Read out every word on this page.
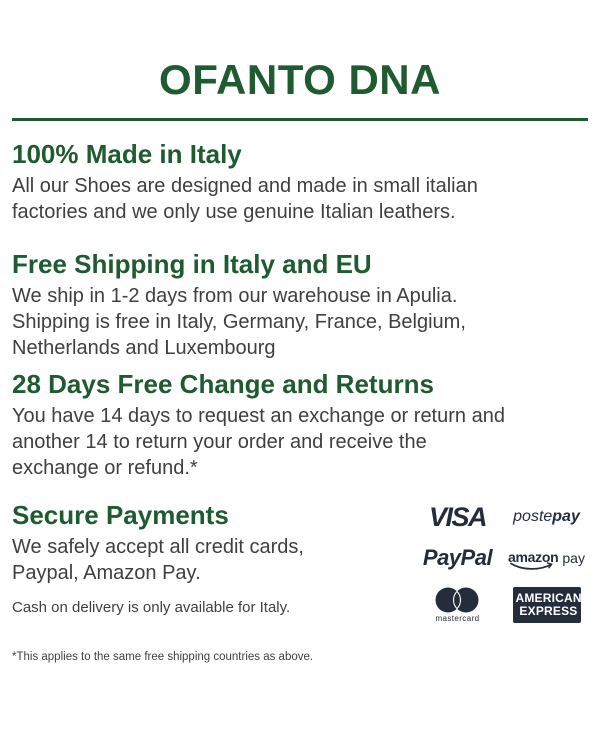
OFANTO DNA
100% Made in Italy
All our Shoes are designed and made in small italian
factories and we only use genuine Italian leathers.
Free Shipping in Italy and EU
We ship in 1-2 days from our warehouse in Apulia.
Shipping is free in Italy, Germany, France, Belgium,
Netherlands and Luxembourg
28 Days Free Change and Returns
You have 14 days to request an exchange or return and
another 14 to return your order and receive the
exchange or refund.*
Secure Payments
We safely accept all credit cards,
Paypal, Amazon Pay.
Cash on delivery is only available for Italy.
VISA poste pay
PayPal amazon pay
mastercard
AMERICAN
EXPRESS
*This applies to the same free shipping countries as above.
